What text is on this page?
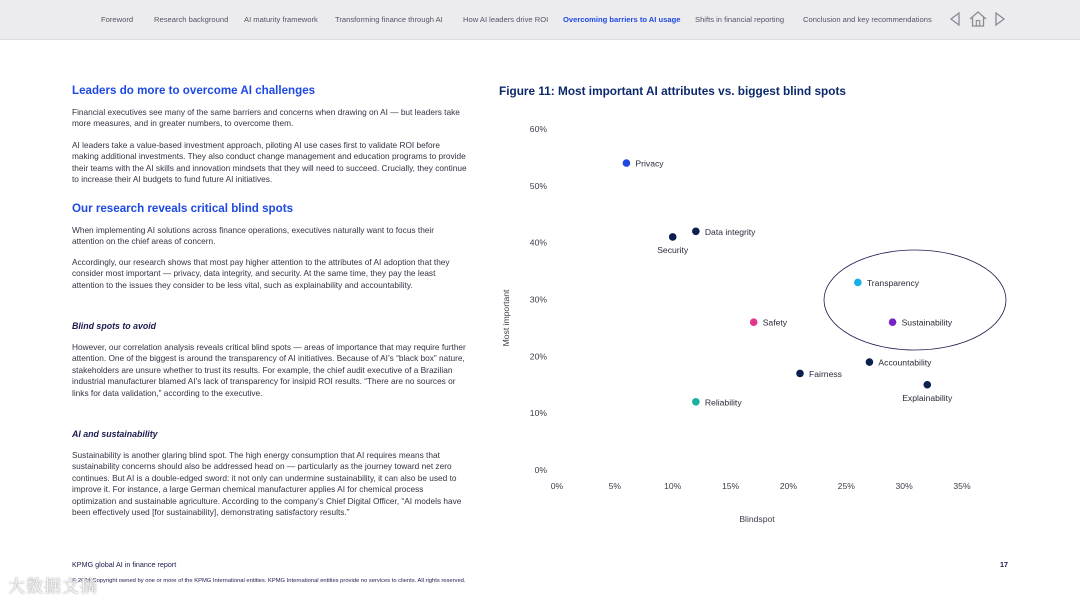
Foreword	Research background AI maturity framework Transforming finance through AI	How AI leaders drive ROI Overcoming barriers to AI usage Shifts in financial reporting Conclusion and key recommendations
Leaders do more to overcome AI challenges

Financial executives see many of the same barriers and concerns when drawing on AI — but leaders take more measures, and in greater numbers, to overcome them.

AI leaders take a value-based investment approach, piloting AI use cases first to validate ROI before making additional investments. They also conduct change management and education programs to provide their teams with the AI skills and innovation mindsets that they will need to succeed. Crucially, they continue to increase their AI budgets to fund future AI initiatives.

Our research reveals critical blind spots

When implementing AI solutions across finance operations, executives naturally want to focus their attention on the chief areas of concern.

Accordingly, our research shows that most pay higher attention to the attributes of AI adoption that they consider most important — privacy, data integrity, and security. At the same time, they pay the least attention to the issues they consider to be less vital, such as explainability and accountability.

Blind spots to avoid

However, our correlation analysis reveals critical blind spots — areas of importance that may require further attention. One of the biggest is around the transparency of AI initiatives. Because of AI’s “black box” nature, stakeholders are unsure whether to trust its results. For example, the chief audit executive of a Brazilian industrial manufacturer blamed AI’s lack of transparency for insipid ROI results. “There are no sources or links for data validation,” according to the executive.

AI and sustainability

Sustainability is another glaring blind spot. The high energy consumption that AI requires means that sustainability concerns should also be addressed head on — particularly as the journey toward net zero continues. But AI is a double-edged sword: it not only can undermine sustainability, it can also be used to improve it. For instance, a large German chemical manufacturer applies AI for chemical process optimization and sustainable agriculture. According to the company’s Chief Digital Officer, “AI models have been effectively used [for sustainability], demonstrating satisfactory results.”

Figure 11: Most important AI attributes vs. biggest blind spots
0%
10%
20%
30%
40%
50%
60%
0%	5%	10%	15%	20%	25%	30%	35%
Blindspot
Most important
Privacy
Data integrity
Security
Transparency
Safety	Sustainability
Accountability
Fairness
Explainability
Reliability
KPMG global AI in finance report	17
© 2024 Copyright owned by one or more of the KPMG International entities. KPMG International entities provide no services to clients. All rights reserved.
大数据文摘
